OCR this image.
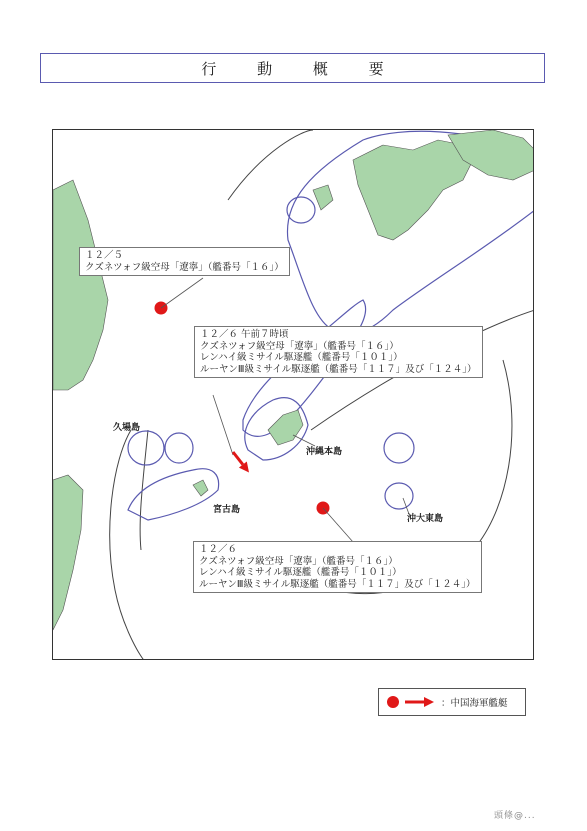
行 動 概 要
１２／５
クズネツォフ級空母「遼寧」（艦番号「１６」）
１２／６ 午前７時頃
クズネツォフ級空母「遼寧」（艦番号「１６」）
レンハイ級ミサイル駆逐艦（艦番号「１０１」）
ルーヤンⅢ級ミサイル駆逐艦（艦番号「１１７」及び「１２４」）
１２／６
クズネツォフ級空母「遼寧」（艦番号「１６」）
レンハイ級ミサイル駆逐艦（艦番号「１０１」）
ルーヤンⅢ級ミサイル駆逐艦（艦番号「１１７」及び「１２４」）
久場島
沖縄本島
宮古島
沖大東島
：中国海軍艦艇
頭條@...
